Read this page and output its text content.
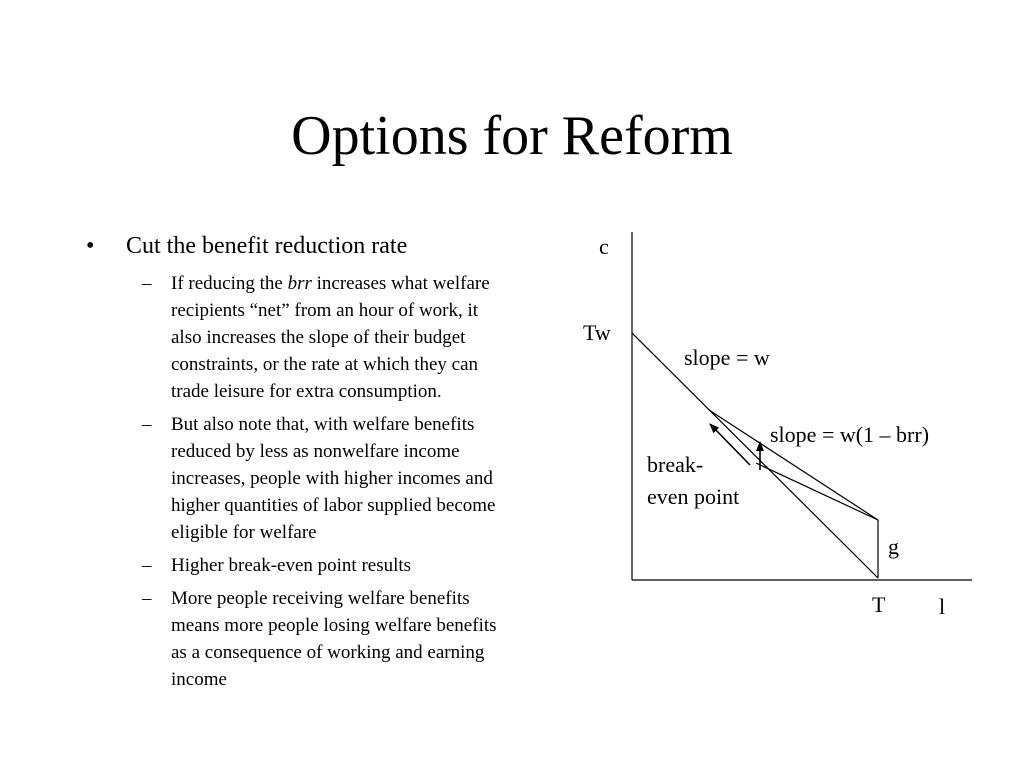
Options for Reform
• Cut the benefit reduction rate
– If reducing the brr increases what welfare recipients “net” from an hour of work, it also increases the slope of their budget constraints, or the rate at which they can trade leisure for extra consumption.
– But also note that, with welfare benefits reduced by less as nonwelfare income increases, people with higher incomes and higher quantities of labor supplied become eligible for welfare
– Higher break-even point results
– More people receiving welfare benefits means more people losing welfare benefits as a consequence of working and earning income
c
Tw
slope = w
slope = w(1 – brr)
break-
even point
g
T l
